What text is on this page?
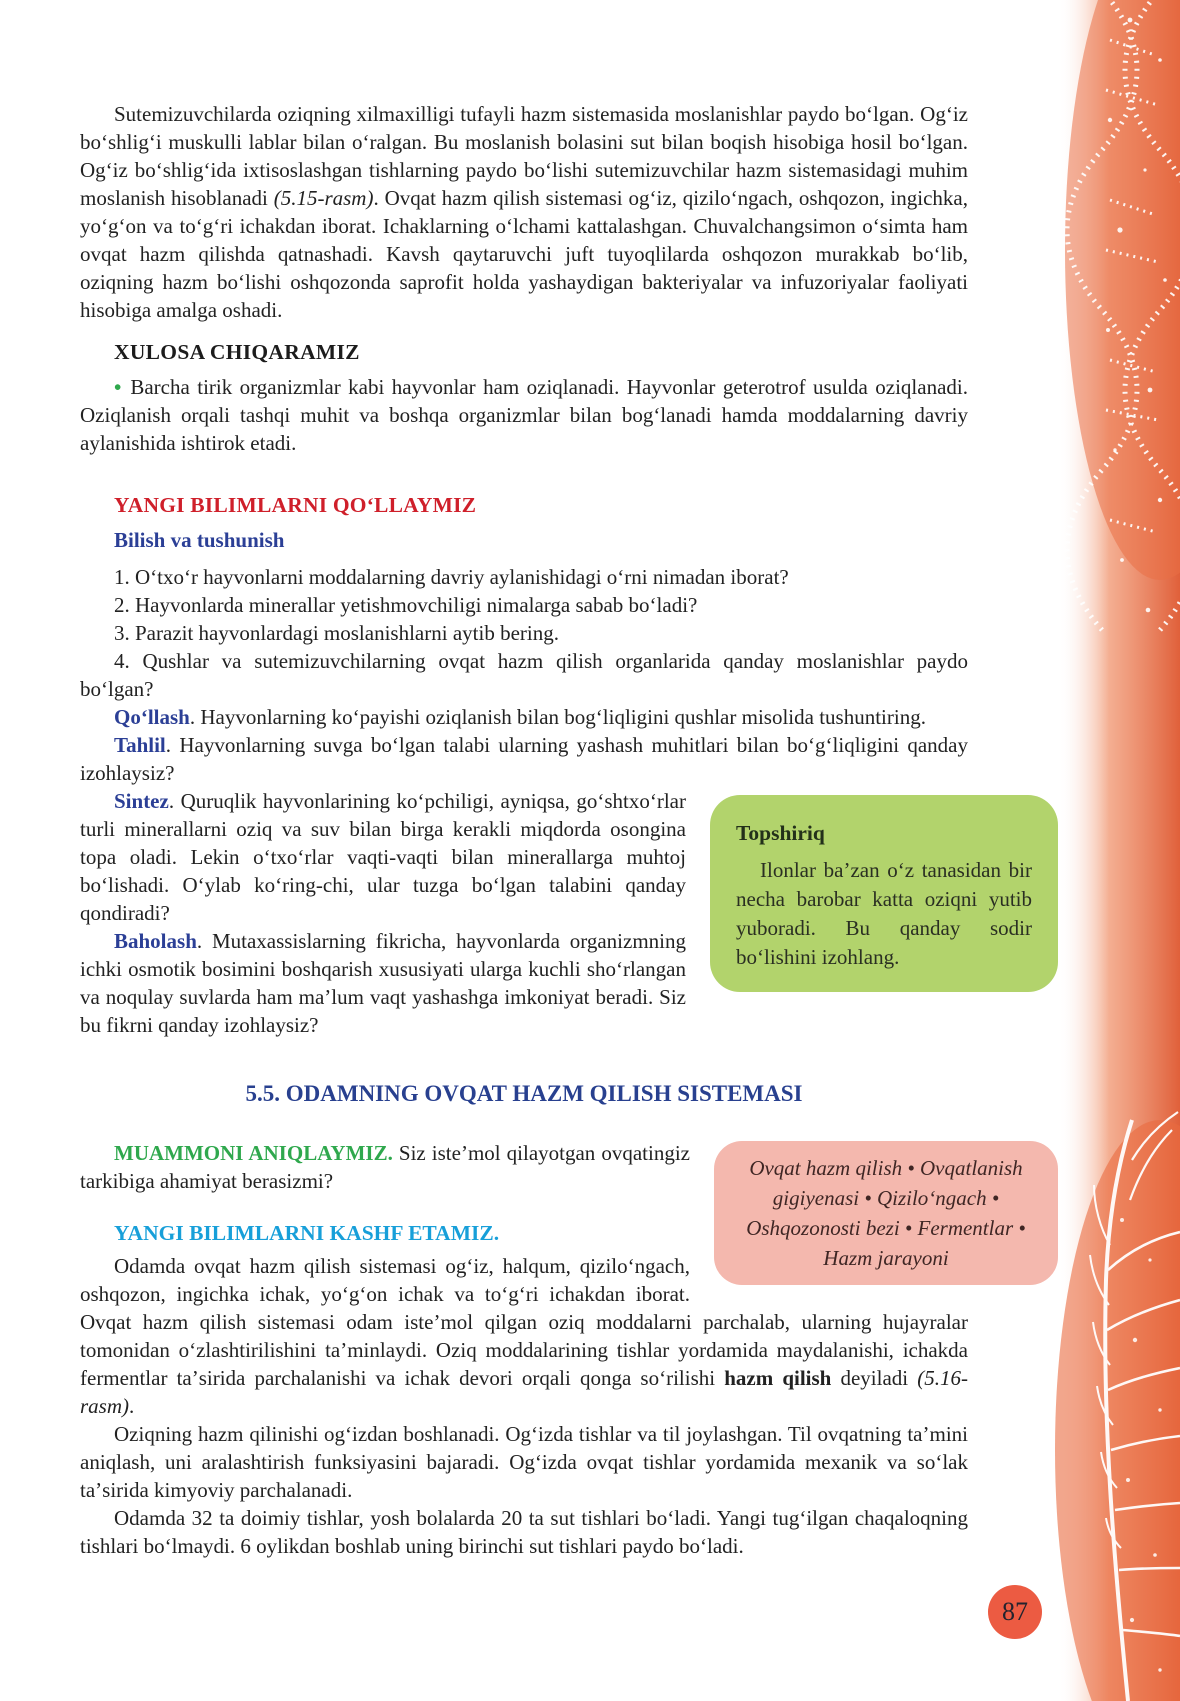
Sutemizuvchilarda oziqning xilmaxilligi tufayli hazm sistemasida moslanishlar paydo boʻlgan. Ogʻiz boʻshligʻi muskulli lablar bilan oʻralgan. Bu moslanish bolasini sut bilan boqish hisobiga hosil boʻlgan. Ogʻiz boʻshligʻida ixtisoslashgan tishlarning paydo boʻlishi sutemizuvchilar hazm sistemasidagi muhim moslanish hisoblanadi (5.15-rasm). Ovqat hazm qilish sistemasi ogʻiz, qiziloʻngach, oshqozon, ingichka, yoʻgʻon va toʻgʻri ichakdan iborat. Ichaklarning oʻlchami kattalashgan. Chuvalchangsimon oʻsimta ham ovqat hazm qilishda qatnashadi. Kavsh qaytaruvchi juft tuyoqlilarda oshqozon murakkab boʻlib, oziqning hazm boʻlishi oshqozonda saprofit holda yashaydigan bakteriyalar va infuzoriyalar faoliyati hisobiga amalga oshadi.

XULOSA CHIQARAMIZ

• Barcha tirik organizmlar kabi hayvonlar ham oziqlanadi. Hayvonlar geterotrof usulda oziqlanadi. Oziqlanish orqali tashqi muhit va boshqa organizmlar bilan bogʻlanadi hamda moddalarning davriy aylanishida ishtirok etadi.

YANGI BILIMLARNI QOʻLLAYMIZ
Bilish va tushunish

1. Oʻtxoʻr hayvonlarni moddalarning davriy aylanishidagi oʻrni nimadan iborat?

2. Hayvonlarda minerallar yetishmovchiligi nimalarga sabab boʻladi?

3. Parazit hayvonlardagi moslanishlarni aytib bering.

4. Qushlar va sutemizuvchilarning ovqat hazm qilish organlarida qanday moslanishlar paydo boʻlgan?

Qoʻllash. Hayvonlarning koʻpayishi oziqlanish bilan bogʻliqligini qushlar misolida tushuntiring.

Tahlil. Hayvonlarning suvga boʻlgan talabi ularning yashash muhitlari bilan boʻgʻliqligini qanday izohlaysiz?

Topshiriq

Ilonlar baʼzan oʻz tanasidan bir necha barobar katta oziqni yutib yuboradi. Bu qanday sodir boʻlishini izohlang.

Sintez. Quruqlik hayvonlarining koʻpchiligi, ayniqsa, goʻshtxoʻrlar turli minerallarni oziq va suv bilan birga kerakli miqdorda osongina topa oladi. Lekin oʻtxoʻrlar vaqti-vaqti bilan minerallarga muhtoj boʻlishadi. Oʻylab koʻring-chi, ular tuzga boʻlgan talabini qanday qondiradi?

Baholash. Mutaxassislarning fikricha, hayvonlarda organizmning ichki osmotik bosimini boshqarish xususiyati ularga kuchli shoʻrlangan va noqulay suvlarda ham maʼlum vaqt yashashga imkoniyat beradi. Siz bu fikrni qanday izohlaysiz?

5.5. ODAMNING OVQAT HAZM QILISH SISTEMASI

Ovqat hazm qilish • Ovqatlanish gigiyenasi • Qiziloʻngach • Oshqozonosti bezi • Fermentlar • Hazm jarayoni

MUAMMONI ANIQLAYMIZ. Siz isteʼmol qilayotgan ovqatingiz tarkibiga ahamiyat berasizmi?

YANGI BILIMLARNI KASHF ETAMIZ.

Odamda ovqat hazm qilish sistemasi ogʻiz, halqum, qiziloʻngach, oshqozon, ingichka ichak, yoʻgʻon ichak va toʻgʻri ichakdan iborat. Ovqat hazm qilish sistemasi odam isteʼmol qilgan oziq moddalarni parchalab, ularning hujayralar tomonidan oʻzlashtirilishini taʼminlaydi. Oziq moddalarining tishlar yordamida maydalanishi, ichakda fermentlar taʼsirida parchalanishi va ichak devori orqali qonga soʻrilishi hazm qilish deyiladi (5.16-rasm).

Oziqning hazm qilinishi ogʻizdan boshlanadi. Ogʻizda tishlar va til joylashgan. Til ovqatning taʼmini aniqlash, uni aralashtirish funksiyasini bajaradi. Ogʻizda ovqat tishlar yordamida mexanik va soʻlak taʼsirida kimyoviy parchalanadi.

Odamda 32 ta doimiy tishlar, yosh bolalarda 20 ta sut tishlari boʻladi. Yangi tugʻilgan chaqaloqning tishlari boʻlmaydi. 6 oylikdan boshlab uning birinchi sut tishlari paydo boʻladi.

87
